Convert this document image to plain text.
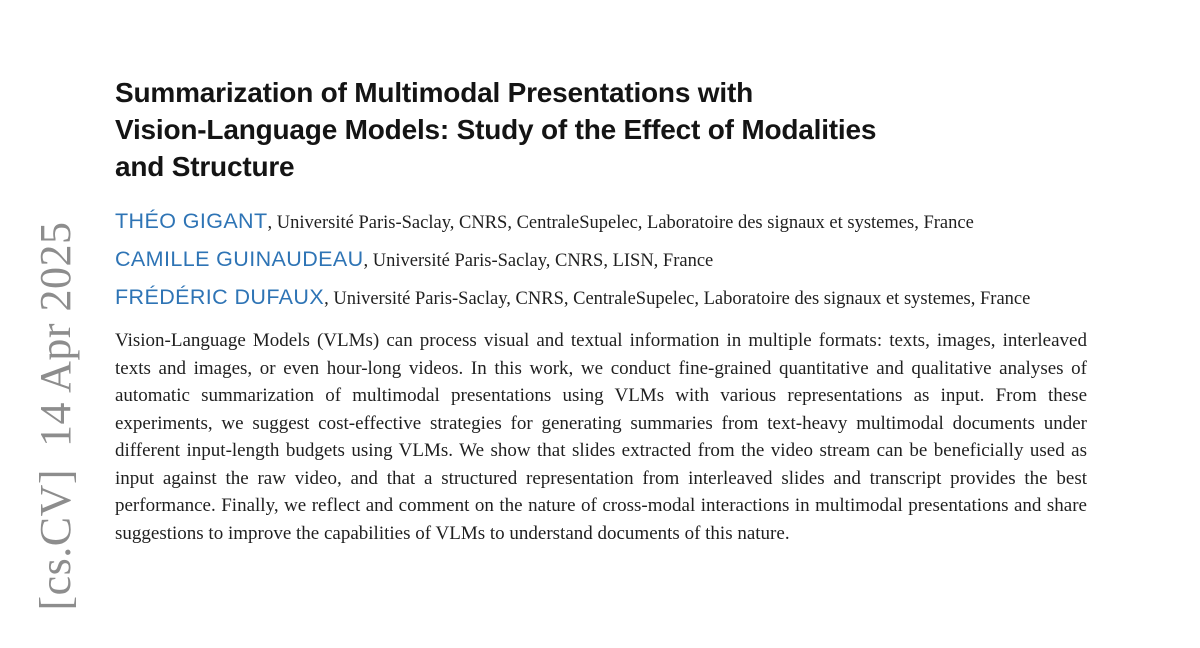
[cs.CV]14 Apr 2025
Summarization of Multimodal Presentations with
Vision-Language Models: Study of the Effect of Modalities
and Structure

THÉO GIGANT, Université Paris-Saclay, CNRS, CentraleSupelec, Laboratoire des signaux et systemes, France

CAMILLE GUINAUDEAU, Université Paris-Saclay, CNRS, LISN, France

FRÉDÉRIC DUFAUX, Université Paris-Saclay, CNRS, CentraleSupelec, Laboratoire des signaux et systemes, France

Vision-Language Models (VLMs) can process visual and textual information in multiple formats: texts, images, interleaved texts and images, or even hour-long videos. In this work, we conduct fine-grained quantitative and qualitative analyses of automatic summarization of multimodal presentations using VLMs with various representations as input. From these experiments, we suggest cost-effective strategies for generating summaries from text-heavy multimodal documents under different input-length budgets using VLMs. We show that slides extracted from the video stream can be beneficially used as input against the raw video, and that a structured representation from interleaved slides and transcript provides the best performance. Finally, we reflect and comment on the nature of cross-modal interactions in multimodal presentations and share suggestions to improve the capabilities of VLMs to understand documents of this nature.
